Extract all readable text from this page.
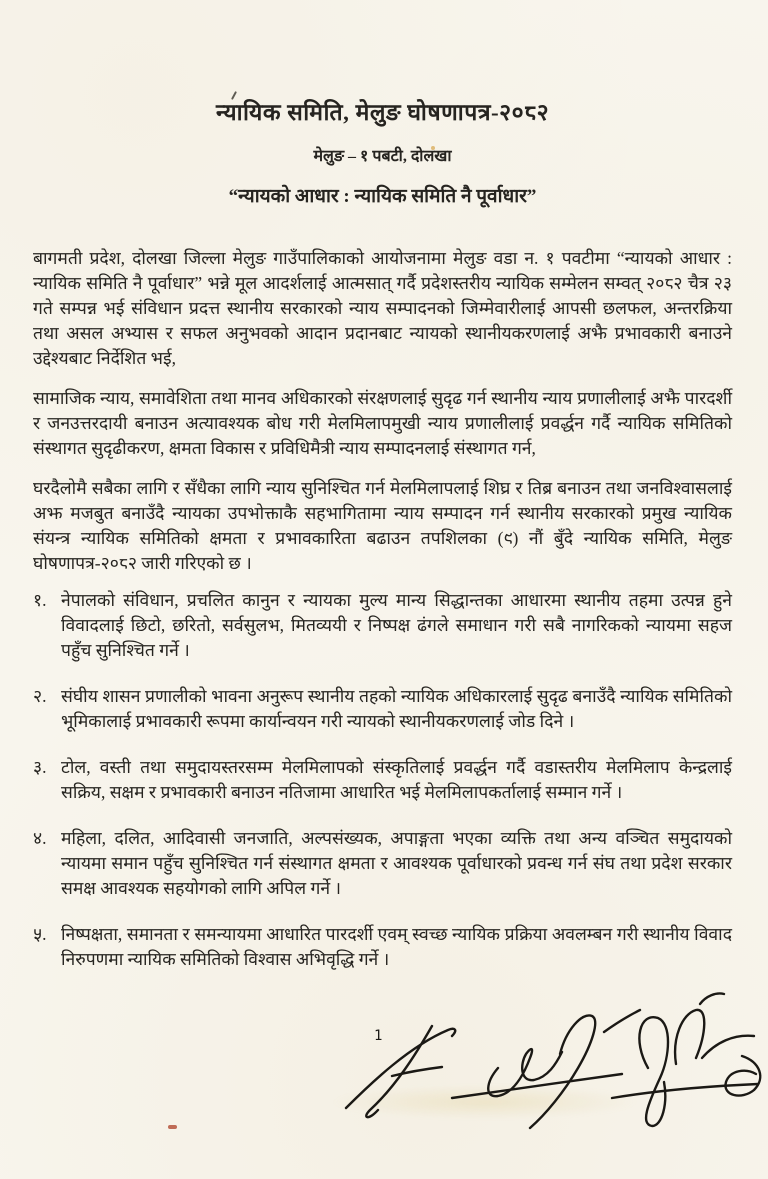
न्यायिक समिति, मेलुङ घोषणापत्र-२०८२
मेलुङ – १ पबटी, दोलखा
“न्यायको आधार : न्यायिक समिति नै पूर्वाधार”

बागमती प्रदेश, दोलखा जिल्ला मेलुङ गाउँपालिकाको आयोजनामा मेलुङ वडा न. १ पवटीमा “न्यायको आधार : न्यायिक समिति नै पूर्वाधार” भन्ने मूल आदर्शलाई आत्मसात् गर्दै प्रदेशस्तरीय न्यायिक सम्मेलन सम्वत् २०८२ चैत्र २३ गते सम्पन्न भई संविधान प्रदत्त स्थानीय सरकारको न्याय सम्पादनको जिम्मेवारीलाई आपसी छलफल, अन्तरक्रिया तथा असल अभ्यास र सफल अनुभवको आदान प्रदानबाट न्यायको स्थानीयकरणलाई अझै प्रभावकारी बनाउने उद्देश्यबाट निर्देशित भई,

सामाजिक न्याय, समावेशिता तथा मानव अधिकारको संरक्षणलाई सुदृढ गर्न स्थानीय न्याय प्रणालीलाई अझै पारदर्शी र जनउत्तरदायी बनाउन अत्यावश्यक बोध गरी मेलमिलापमुखी न्याय प्रणालीलाई प्रवर्द्धन गर्दै न्यायिक समितिको संस्थागत सुदृढीकरण, क्षमता विकास र प्रविधिमैत्री न्याय सम्पादनलाई संस्थागत गर्न,

घरदैलोमै सबैका लागि र सँधैका लागि न्याय सुनिश्चित गर्न मेलमिलापलाई शिघ्र र तिब्र बनाउन तथा जनविश्वासलाई अझ मजबुत बनाउँदै न्यायका उपभोक्ताकै सहभागितामा न्याय सम्पादन गर्न स्थानीय सरकारको प्रमुख न्यायिक संयन्त्र न्यायिक समितिको क्षमता र प्रभावकारिता बढाउन तपशिलका (९) नौं बुँदे न्यायिक समिति, मेलुङ घोषणापत्र-२०८२ जारी गरिएको छ ।

१. नेपालको संविधान, प्रचलित कानुन र न्यायका मुल्य मान्य सिद्धान्तका आधारमा स्थानीय तहमा उत्पन्न हुने विवादलाई छिटो, छरितो, सर्वसुलभ, मितव्ययी र निष्पक्ष ढंगले समाधान गरी सबै नागरिकको न्यायमा सहज पहुँच सुनिश्चित गर्ने ।
२. संघीय शासन प्रणालीको भावना अनुरूप स्थानीय तहको न्यायिक अधिकारलाई सुदृढ बनाउँदै न्यायिक समितिको भूमिकालाई प्रभावकारी रूपमा कार्यान्वयन गरी न्यायको स्थानीयकरणलाई जोड दिने ।
३. टोल, वस्ती तथा समुदायस्तरसम्म मेलमिलापको संस्कृतिलाई प्रवर्द्धन गर्दै वडास्तरीय मेलमिलाप केन्द्रलाई सक्रिय, सक्षम र प्रभावकारी बनाउन नतिजामा आधारित भई मेलमिलापकर्तालाई सम्मान गर्ने ।
४. महिला, दलित, आदिवासी जनजाति, अल्पसंख्यक, अपाङ्गता भएका व्यक्ति तथा अन्य वञ्चित समुदायको न्यायमा समान पहुँच सुनिश्चित गर्न संस्थागत क्षमता र आवश्यक पूर्वाधारको प्रवन्ध गर्न संघ तथा प्रदेश सरकार समक्ष आवश्यक सहयोगको लागि अपिल गर्ने ।
५. निष्पक्षता, समानता र समन्यायमा आधारित पारदर्शी एवम् स्वच्छ न्यायिक प्रक्रिया अवलम्बन गरी स्थानीय विवाद निरुपणमा न्यायिक समितिको विश्वास अभिवृद्धि गर्ने ।
1
